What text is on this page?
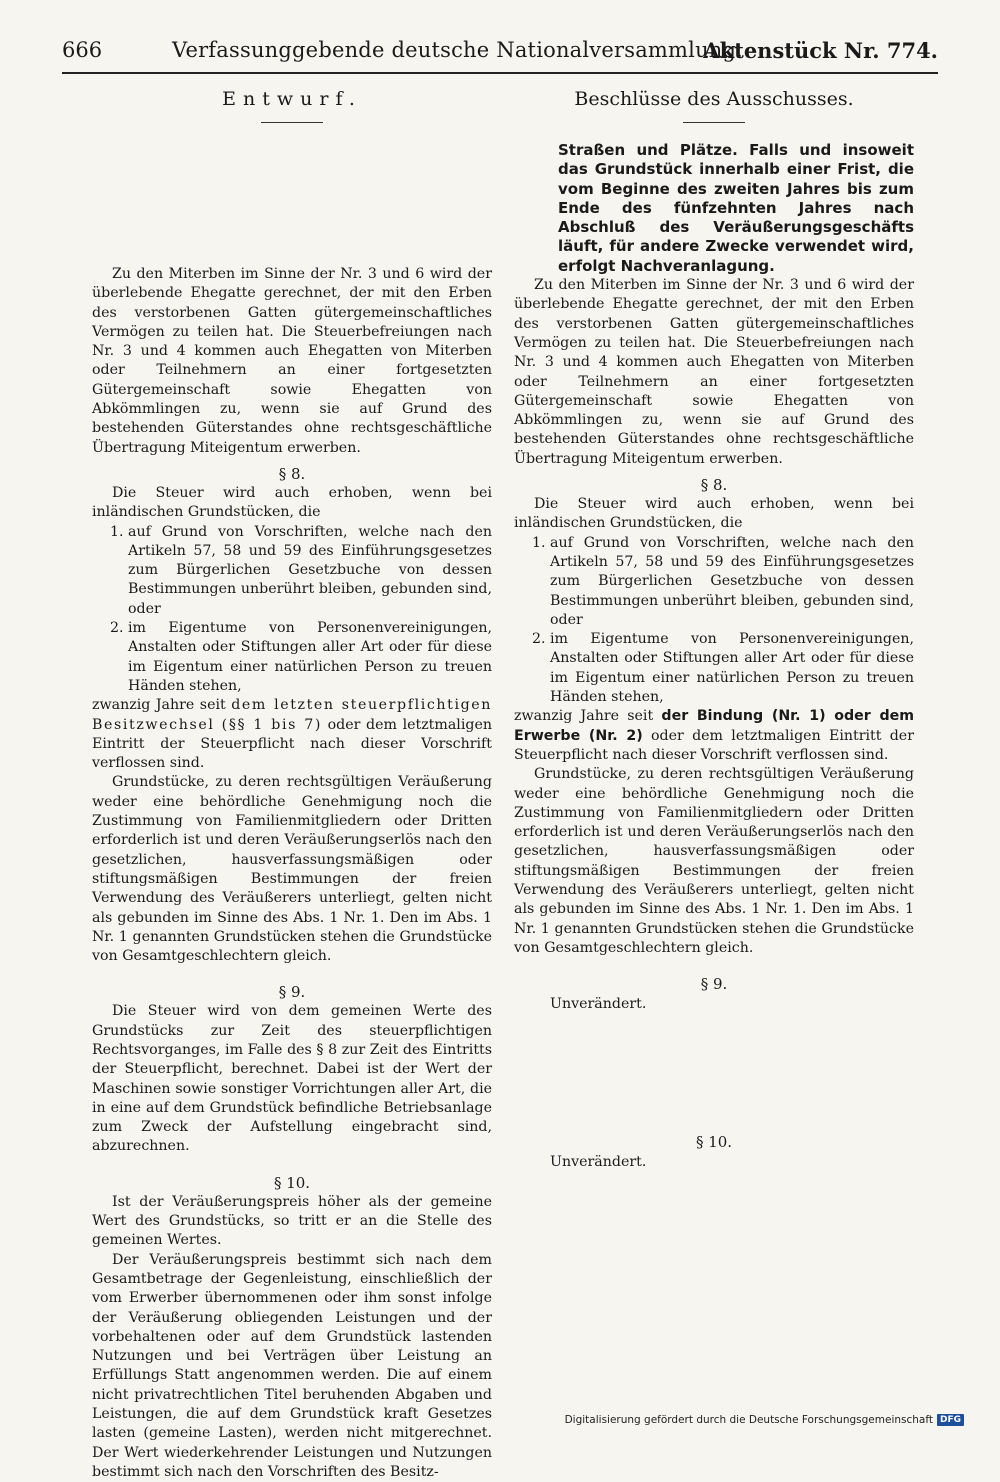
666	Verfassunggebende deutsche Nationalversammlung.
Aktenstück Nr. 774.

Entwurf.

Zu den Miterben im Sinne der Nr. 3 und 6 wird der überlebende Ehegatte gerechnet, der mit den Erben des verstorbenen Gatten gütergemeinschaftliches Vermögen zu teilen hat. Die Steuerbefreiungen nach Nr. 3 und 4 kommen auch Ehegatten von Miterben oder Teilnehmern an einer fortgesetzten Gütergemeinschaft sowie Ehegatten von Abkömmlingen zu, wenn sie auf Grund des bestehenden Güterstandes ohne rechtsgeschäftliche Übertragung Miteigentum erwerben.

§ 8.

Die Steuer wird auch erhoben, wenn bei inländischen Grundstücken, die

1. auf Grund von Vorschriften, welche nach den Artikeln 57, 58 und 59 des Einführungsgesetzes zum Bürgerlichen Gesetzbuche von dessen Bestimmungen unberührt bleiben, gebunden sind, oder
2. im Eigentume von Personenvereinigungen, Anstalten oder Stiftungen aller Art oder für diese im Eigentum einer natürlichen Person zu treuen Händen stehen,

zwanzig Jahre seit dem letzten steuerpflichtigen Besitzwechsel (§§ 1 bis 7) oder dem letztmaligen Eintritt der Steuerpflicht nach dieser Vorschrift verflossen sind.

Grundstücke, zu deren rechtsgültigen Veräußerung weder eine behördliche Genehmigung noch die Zustimmung von Familienmitgliedern oder Dritten erforderlich ist und deren Veräußerungserlös nach den gesetzlichen, hausverfassungsmäßigen oder stiftungsmäßigen Bestimmungen der freien Verwendung des Veräußerers unterliegt, gelten nicht als gebunden im Sinne des Abs. 1 Nr. 1. Den im Abs. 1 Nr. 1 genannten Grundstücken stehen die Grundstücke von Gesamtgeschlechtern gleich.

§ 9.

Die Steuer wird von dem gemeinen Werte des Grundstücks zur Zeit des steuerpflichtigen Rechtsvorganges, im Falle des § 8 zur Zeit des Eintritts der Steuerpflicht, berechnet. Dabei ist der Wert der Maschinen sowie sonstiger Vorrichtungen aller Art, die in eine auf dem Grundstück befindliche Betriebsanlage zum Zweck der Aufstellung eingebracht sind, abzurechnen.

§ 10.

Ist der Veräußerungspreis höher als der gemeine Wert des Grundstücks, so tritt er an die Stelle des gemeinen Wertes.

Der Veräußerungspreis bestimmt sich nach dem Gesamtbetrage der Gegenleistung, einschließlich der vom Erwerber übernommenen oder ihm sonst infolge der Veräußerung obliegenden Leistungen und der vorbehaltenen oder auf dem Grundstück lastenden Nutzungen und bei Verträgen über Leistung an Erfüllungs Statt angenommen werden. Die auf einem nicht privatrechtlichen Titel beruhenden Abgaben und Leistungen, die auf dem Grundstück kraft Gesetzes lasten (gemeine Lasten), werden nicht mitgerechnet. Der Wert wiederkehrender Leistungen und Nutzungen bestimmt sich nach den Vorschriften des Besitz-

Beschlüsse des Ausschusses.

Straßen und Plätze. Falls und insoweit das Grundstück innerhalb einer Frist, die vom Beginne des zweiten Jahres bis zum Ende des fünfzehnten Jahres nach Abschluß des Veräußerungsgeschäfts läuft, für andere Zwecke verwendet wird, erfolgt Nachveranlagung.

Zu den Miterben im Sinne der Nr. 3 und 6 wird der überlebende Ehegatte gerechnet, der mit den Erben des verstorbenen Gatten gütergemeinschaftliches Vermögen zu teilen hat. Die Steuerbefreiungen nach Nr. 3 und 4 kommen auch Ehegatten von Miterben oder Teilnehmern an einer fortgesetzten Gütergemeinschaft sowie Ehegatten von Abkömmlingen zu, wenn sie auf Grund des bestehenden Güterstandes ohne rechtsgeschäftliche Übertragung Miteigentum erwerben.

§ 8.

Die Steuer wird auch erhoben, wenn bei inländischen Grundstücken, die

1. auf Grund von Vorschriften, welche nach den Artikeln 57, 58 und 59 des Einführungsgesetzes zum Bürgerlichen Gesetzbuche von dessen Bestimmungen unberührt bleiben, gebunden sind, oder
2. im Eigentume von Personenvereinigungen, Anstalten oder Stiftungen aller Art oder für diese im Eigentum einer natürlichen Person zu treuen Händen stehen,

zwanzig Jahre seit der Bindung (Nr. 1) oder dem Erwerbe (Nr. 2) oder dem letztmaligen Eintritt der Steuerpflicht nach dieser Vorschrift verflossen sind.

Grundstücke, zu deren rechtsgültigen Veräußerung weder eine behördliche Genehmigung noch die Zustimmung von Familienmitgliedern oder Dritten erforderlich ist und deren Veräußerungserlös nach den gesetzlichen, hausverfassungsmäßigen oder stiftungsmäßigen Bestimmungen der freien Verwendung des Veräußerers unterliegt, gelten nicht als gebunden im Sinne des Abs. 1 Nr. 1. Den im Abs. 1 Nr. 1 genannten Grundstücken stehen die Grundstücke von Gesamtgeschlechtern gleich.

§ 9.

Unverändert.

§ 10.

Unverändert.

Digitalisierung gefördert durch die Deutsche Forschungsgemeinschaft DFG
